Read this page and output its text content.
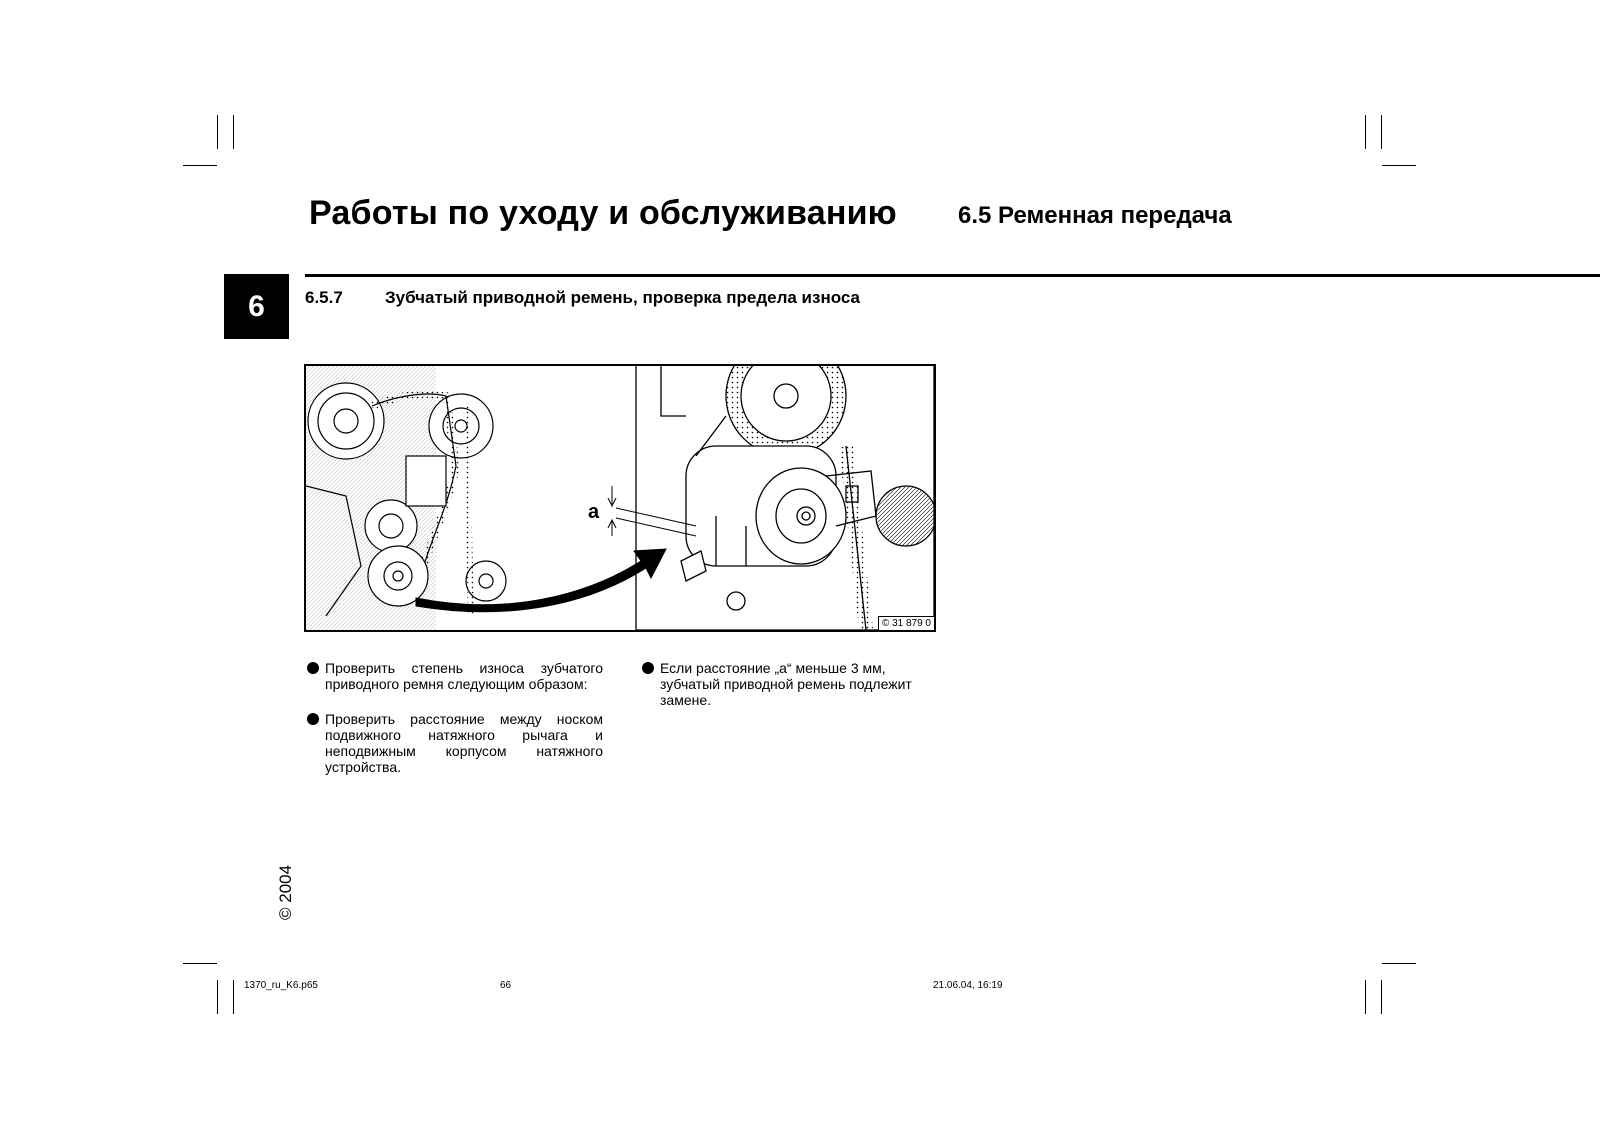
Работы по уходу и обслуживанию	6.5 Ременная передача
6	6.5.7 Зубчатый приводной ремень, проверка предела износа
a
© 31 879 0
Проверить степень износа зубчатого приводного ремня следующим образом:
Проверить расстояние между носком подвижного натяжного рычага и неподвижным корпусом натяжного устройства.
Если расстояние „a“ меньше 3 мм, зубчатый приводной ремень подлежит замене.
© 2004
1370_ru_K6.p65	66	21.06.04, 16:19
